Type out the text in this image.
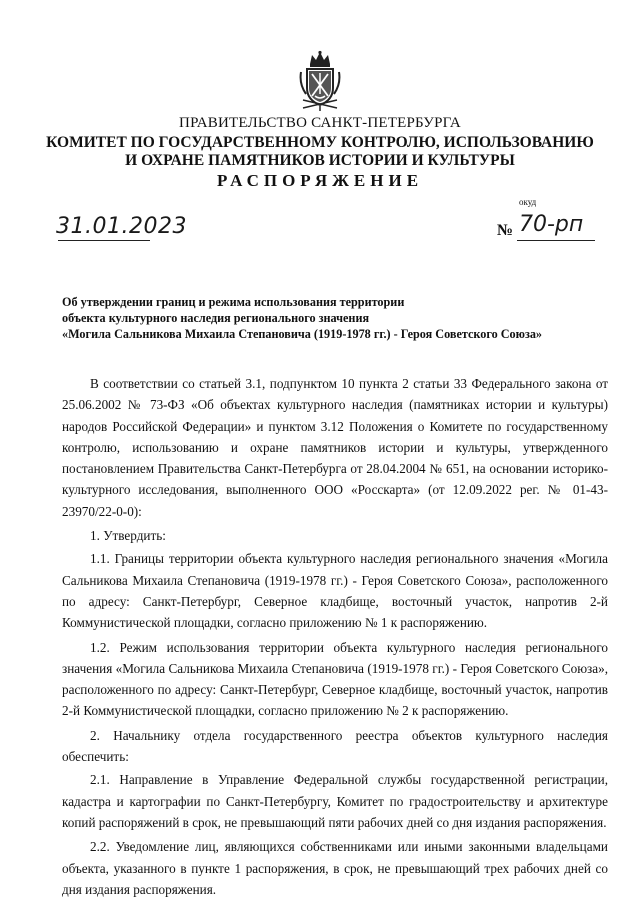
ПРАВИТЕЛЬСТВО САНКТ-ПЕТЕРБУРГА
КОМИТЕТ ПО ГОСУДАРСТВЕННОМУ КОНТРОЛЮ, ИСПОЛЬЗОВАНИЮ
И ОХРАНЕ ПАМЯТНИКОВ ИСТОРИИ И КУЛЬТУРЫ
РАСПОРЯЖЕНИЕ
окуд
31.01.2023	№ 70-рп
Об утверждении границ и режима использования территории
объекта культурного наследия регионального значения
«Могила Сальникова Михаила Степановича (1919-1978 гг.) - Героя Советского Союза»

В соответствии со статьей 3.1, подпунктом 10 пункта 2 статьи 33 Федерального закона от 25.06.2002 № 73-ФЗ «Об объектах культурного наследия (памятниках истории и культуры) народов Российской Федерации» и пунктом 3.12 Положения о Комитете по государственному контролю, использованию и охране памятников истории и культуры, утвержденного постановлением Правительства Санкт-Петербурга от 28.04.2004 № 651, на основании историко-культурного исследования, выполненного ООО «Росскарта» (от 12.09.2022 рег. № 01-43-23970/22-0-0):

1. Утвердить:

1.1. Границы территории объекта культурного наследия регионального значения «Могила Сальникова Михаила Степановича (1919-1978 гг.) - Героя Советского Союза», расположенного по адресу: Санкт-Петербург, Северное кладбище, восточный участок, напротив 2-й Коммунистической площадки, согласно приложению № 1 к распоряжению.

1.2. Режим использования территории объекта культурного наследия регионального значения «Могила Сальникова Михаила Степановича (1919-1978 гг.) - Героя Советского Союза», расположенного по адресу: Санкт-Петербург, Северное кладбище, восточный участок, напротив 2-й Коммунистической площадки, согласно приложению № 2 к распоряжению.

2. Начальнику отдела государственного реестра объектов культурного наследия обеспечить:

2.1. Направление в Управление Федеральной службы государственной регистрации, кадастра и картографии по Санкт-Петербургу, Комитет по градостроительству и архитектуре копий распоряжений в срок, не превышающий пяти рабочих дней со дня издания распоряжения.

2.2. Уведомление лиц, являющихся собственниками или иными законными владельцами объекта, указанного в пункте 1 распоряжения, в срок, не превышающий трех рабочих дней со дня издания распоряжения.
